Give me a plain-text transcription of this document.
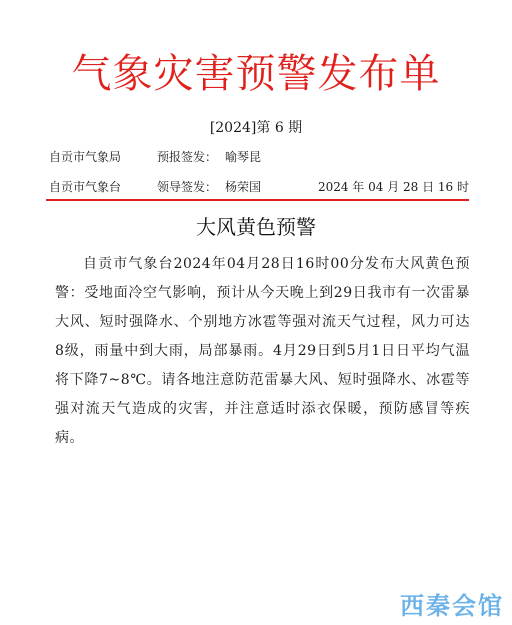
气象灾害预警发布单
[2024]第 6 期
自贡市气象局	预报签发： 喻琴昆
自贡市气象台	领导签发： 杨荣国	2024 年 04 月 28 日 16 时
大风黄色预警

自贡市气象台2024年04月28日16时00分发布大风黄色预警：受地面冷空气影响，预计从今天晚上到29日我市有一次雷暴大风、短时强降水、个别地方冰雹等强对流天气过程，风力可达8级，雨量中到大雨，局部暴雨。4月29日到5月1日日平均气温将下降7~8℃。请各地注意防范雷暴大风、短时强降水、冰雹等强对流天气造成的灾害，并注意适时添衣保暖，预防感冒等疾病。

西秦会馆
